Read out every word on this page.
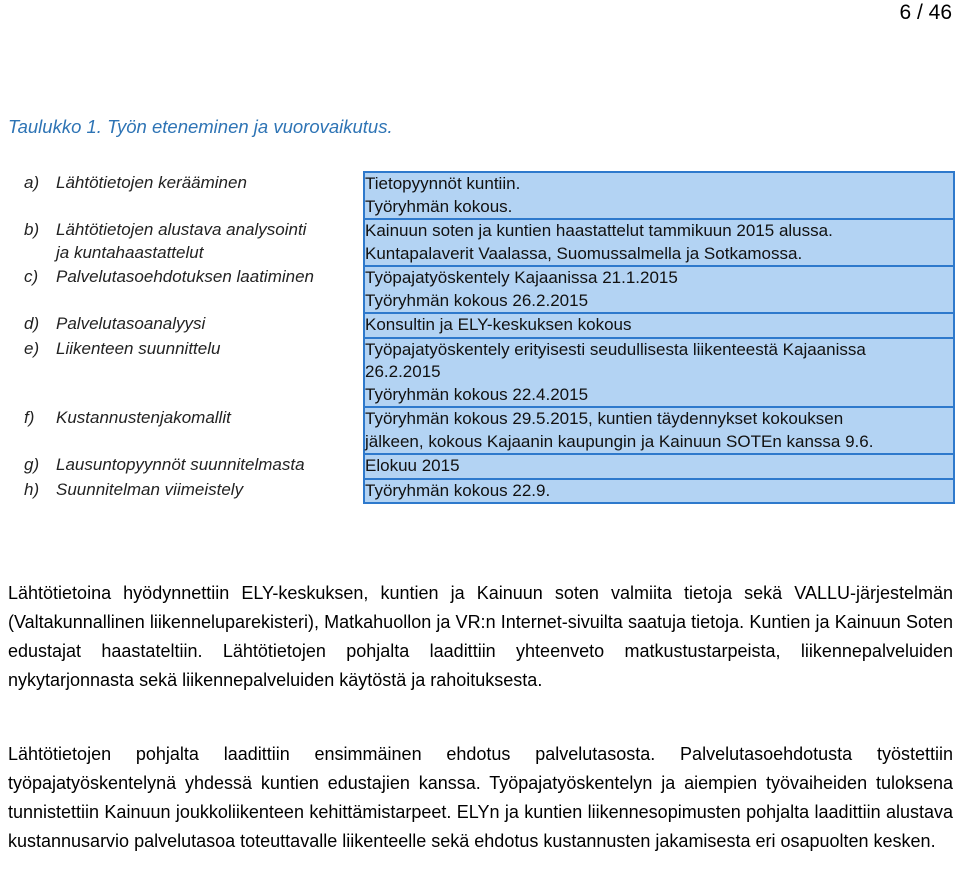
6 / 46
Taulukko 1. Työn eteneminen ja vuorovaikutus.
a) Lähtötietojen kerääminen	Tietopyynnöt kuntiin.
Työryhmän kokous.

b) Lähtötietojen alustava analysointi
ja kuntahaastattelut	Kainuun soten ja kuntien haastattelut tammikuun 2015 alussa.
Kuntapalaverit Vaalassa, Suomussalmella ja Sotkamossa.

c) Palvelutasoehdotuksen laatiminen	Työpajatyöskentely Kajaanissa 21.1.2015
Työryhmän kokous 26.2.2015

d) Palvelutasoanalyysi	Konsultin ja ELY-keskuksen kokous

e) Liikenteen suunnittelu	Työpajatyöskentely erityisesti seudullisesta liikenteestä Kajaanissa
26.2.2015
Työryhmän kokous 22.4.2015

f) Kustannustenjakomallit	Työryhmän kokous 29.5.2015, kuntien täydennykset kokouksen
jälkeen, kokous Kajaanin kaupungin ja Kainuun SOTEn kanssa 9.6.

g) Lausuntopyynnöt suunnitelmasta	Elokuu 2015

h) Suunnitelman viimeistely	Työryhmän kokous 22.9.

Lähtötietoina hyödynnettiin ELY-keskuksen, kuntien ja Kainuun soten valmiita tietoja sekä VALLU-järjestelmän (Valtakunnallinen liikenneluparekisteri), Matkahuollon ja VR:n Internet-sivuilta saatuja tietoja. Kuntien ja Kainuun Soten edustajat haastateltiin. Lähtötietojen pohjalta laadittiin yhteenveto matkustustarpeista, liikennepalveluiden nykytarjonnasta sekä liikennepalveluiden käytöstä ja rahoituksesta.

Lähtötietojen pohjalta laadittiin ensimmäinen ehdotus palvelutasosta. Palvelutasoehdotusta työstettiin työpajatyöskentelynä yhdessä kuntien edustajien kanssa. Työpajatyöskentelyn ja aiempien työvaiheiden tuloksena tunnistettiin Kainuun joukkoliikenteen kehittämistarpeet. ELYn ja kuntien liikennesopimusten pohjalta laadittiin alustava kustannusarvio palvelutasoa toteuttavalle liikenteelle sekä ehdotus kustannusten jakamisesta eri osapuolten kesken.
